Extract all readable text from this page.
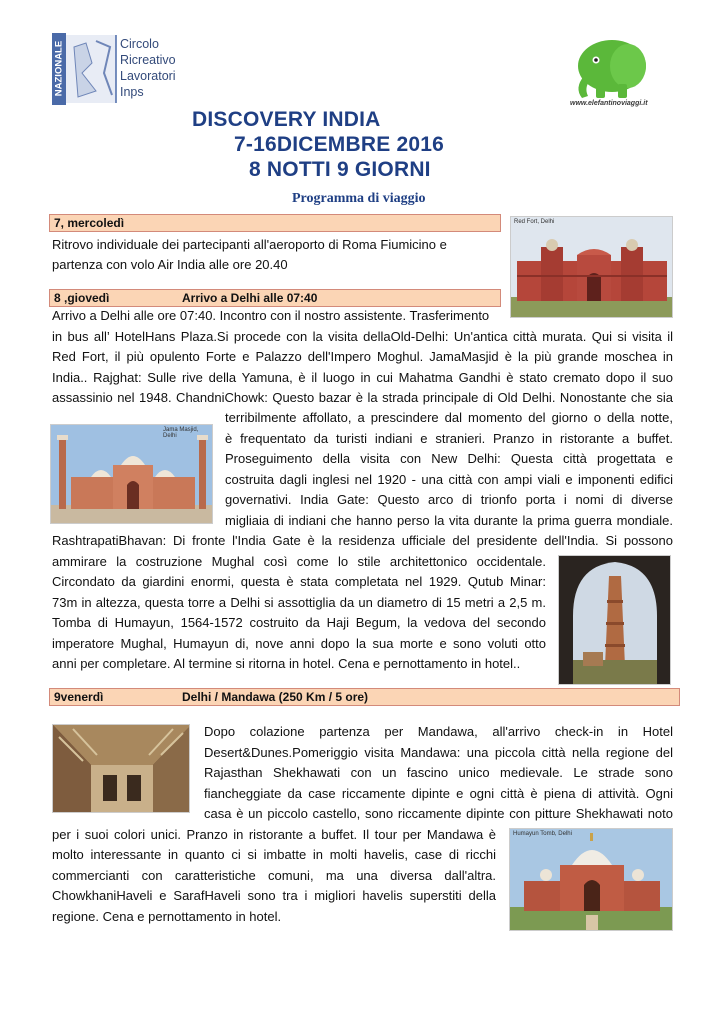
NAZIONALE	Circolo
Ricreativo
Lavoratori
Inps
www.elefantinoviaggi.it
DISCOVERY INDIA
7-16DICEMBRE 2016
8 NOTTI 9 GIORNI
Programma di viaggio
7, mercoledì
Ritrovo individuale dei partecipanti all'aeroporto di Roma Fiumicino e
partenza con volo Air India alle ore 20.40
Red Fort, Delhi
8 ,giovedì	Arrivo a Delhi alle 07:40
Arrivo a Delhi alle ore 07:40. Incontro con il nostro assistente. Trasferimento
in bus all’ HotelHans Plaza.Si procede con la visita dellaOld-Delhi: Un'antica città murata. Qui si visita il
Red Fort, il più opulento Forte e Palazzo dell'Impero Moghul. JamaMasjid è la più grande moschea in
India.. Rajghat: Sulle rive della Yamuna, è il luogo in cui Mahatma Gandhi è stato cremato dopo il suo
assassinio nel 1948. ChandniChowk: Questo bazar è la strada principale di Old Delhi. Nonostante che sia
terribilmente affollato, a prescindere dal momento del giorno o della notte,
è frequentato da turisti indiani e stranieri. Pranzo in ristorante a buffet.
Proseguimento della visita con New Delhi: Questa città progettata e
costruita dagli inglesi nel 1920 - una città con ampi viali e imponenti edifici
governativi. India Gate: Questo arco di trionfo porta i nomi di diverse
migliaia di indiani che hanno perso la vita durante la prima guerra mondiale.
RashtrapatiBhavan: Di fronte l'India Gate è la residenza ufficiale del presidente dell'India. Si possono
ammirare la costruzione Mughal così come lo stile architettonico occidentale.
Circondato da giardini enormi, questa è stata completata nel 1929. Qutub Minar:
73m in altezza, questa torre a Delhi si assottiglia da un diametro di 15 metri a 2,5 m.
Tomba di Humayun, 1564-1572 costruito da Haji Begum, la vedova del secondo
imperatore Mughal, Humayun di, nove anni dopo la sua morte e sono voluti otto
anni per completare. Al termine si ritorna in hotel. Cena e pernottamento in hotel..
Jama Masjid, Delhi
9venerdì	Delhi / Mandawa (250 Km / 5 ore)
Dopo colazione partenza per Mandawa, all'arrivo check-in in Hotel
Desert&Dunes.Pomeriggio visita Mandawa: una piccola città nella regione del
Rajasthan Shekhawati con un fascino unico medievale. Le strade sono
fiancheggiate da case riccamente dipinte e ogni città è piena di attività. Ogni
casa è un piccolo castello, sono riccamente dipinte con pitture Shekhawati noto
per i suoi colori unici. Pranzo in ristorante a buffet. Il tour per Mandawa è
molto interessante in quanto ci si imbatte in molti havelis, case di ricchi
commercianti con caratteristiche comuni, ma una diversa dall'altra.
ChowkhaniHaveli e SarafHaveli sono tra i migliori havelis superstiti della
regione. Cena e pernottamento in hotel.
Humayun Tomb, Delhi
